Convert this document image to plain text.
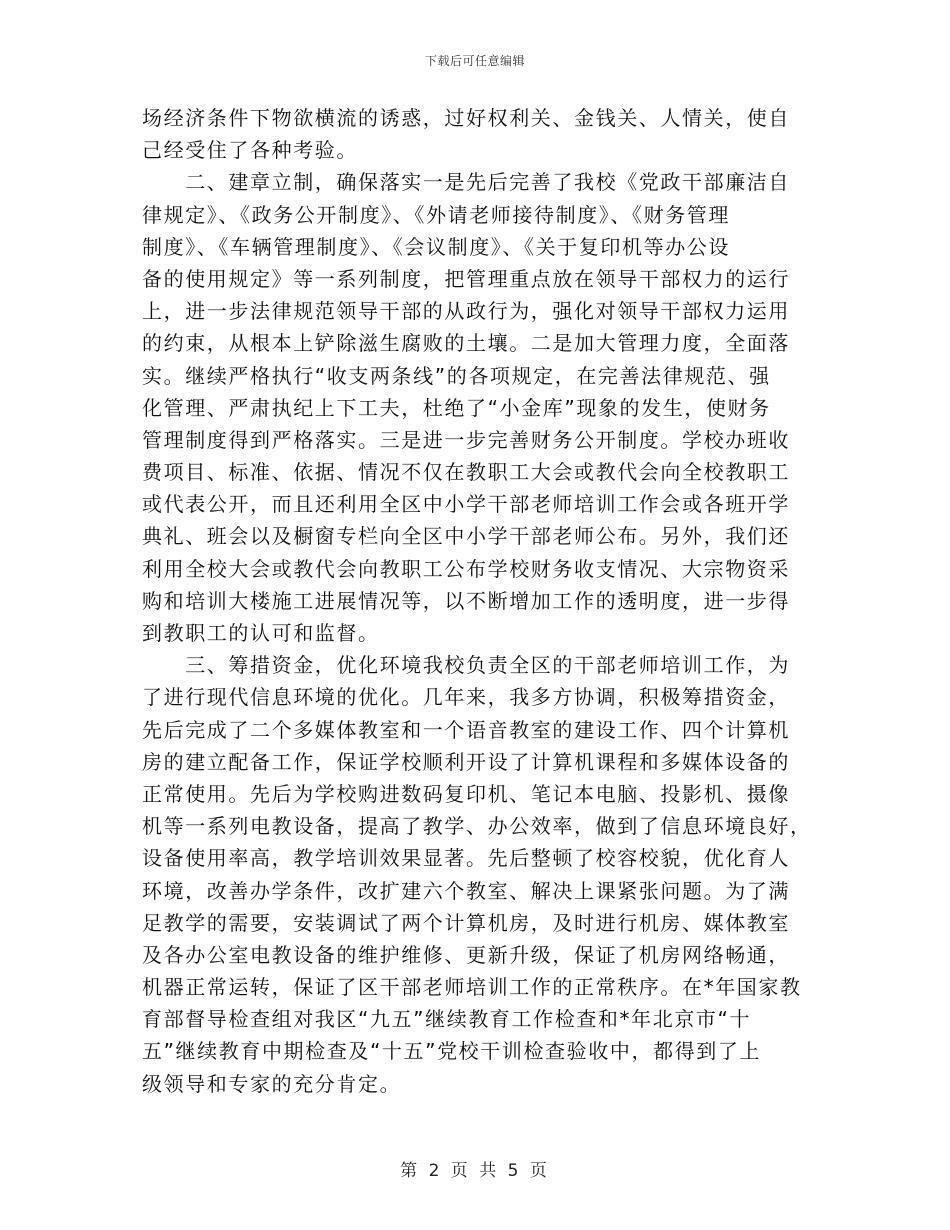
下载后可任意编辑
场经济条件下物欲横流的诱惑，过好权利关、金钱关、人情关，使自
己经受住了各种考验。
　　二、建章立制，确保落实一是先后完善了我校《党政干部廉洁自
律规定》、《政务公开制度》、《外请老师接待制度》、《财务管理
制度》、《车辆管理制度》、《会议制度》、《关于复印机等办公设
备的使用规定》等一系列制度，把管理重点放在领导干部权力的运行
上，进一步法律规范领导干部的从政行为，强化对领导干部权力运用
的约束，从根本上铲除滋生腐败的土壤。二是加大管理力度，全面落
实。继续严格执行“收支两条线”的各项规定，在完善法律规范、强
化管理、严肃执纪上下工夫，杜绝了“小金库”现象的发生，使财务
管理制度得到严格落实。三是进一步完善财务公开制度。学校办班收
费项目、标准、依据、情况不仅在教职工大会或教代会向全校教职工
或代表公开，而且还利用全区中小学干部老师培训工作会或各班开学
典礼、班会以及橱窗专栏向全区中小学干部老师公布。另外，我们还
利用全校大会或教代会向教职工公布学校财务收支情况、大宗物资采
购和培训大楼施工进展情况等，以不断增加工作的透明度，进一步得
到教职工的认可和监督。
　　三、筹措资金，优化环境我校负责全区的干部老师培训工作，为
了进行现代信息环境的优化。几年来，我多方协调，积极筹措资金，
先后完成了二个多媒体教室和一个语音教室的建设工作、四个计算机
房的建立配备工作，保证学校顺利开设了计算机课程和多媒体设备的
正常使用。先后为学校购进数码复印机、笔记本电脑、投影机、摄像
机等一系列电教设备，提高了教学、办公效率，做到了信息环境良好，
设备使用率高，教学培训效果显著。先后整顿了校容校貌，优化育人
环境，改善办学条件，改扩建六个教室、解决上课紧张问题。为了满
足教学的需要，安装调试了两个计算机房，及时进行机房、媒体教室
及各办公室电教设备的维护维修、更新升级，保证了机房网络畅通，
机器正常运转，保证了区干部老师培训工作的正常秩序。在*年国家教
育部督导检查组对我区“九五”继续教育工作检查和*年北京市“十
五”继续教育中期检查及“十五”党校干训检查验收中，都得到了上
级领导和专家的充分肯定。
第 2 页 共 5 页
